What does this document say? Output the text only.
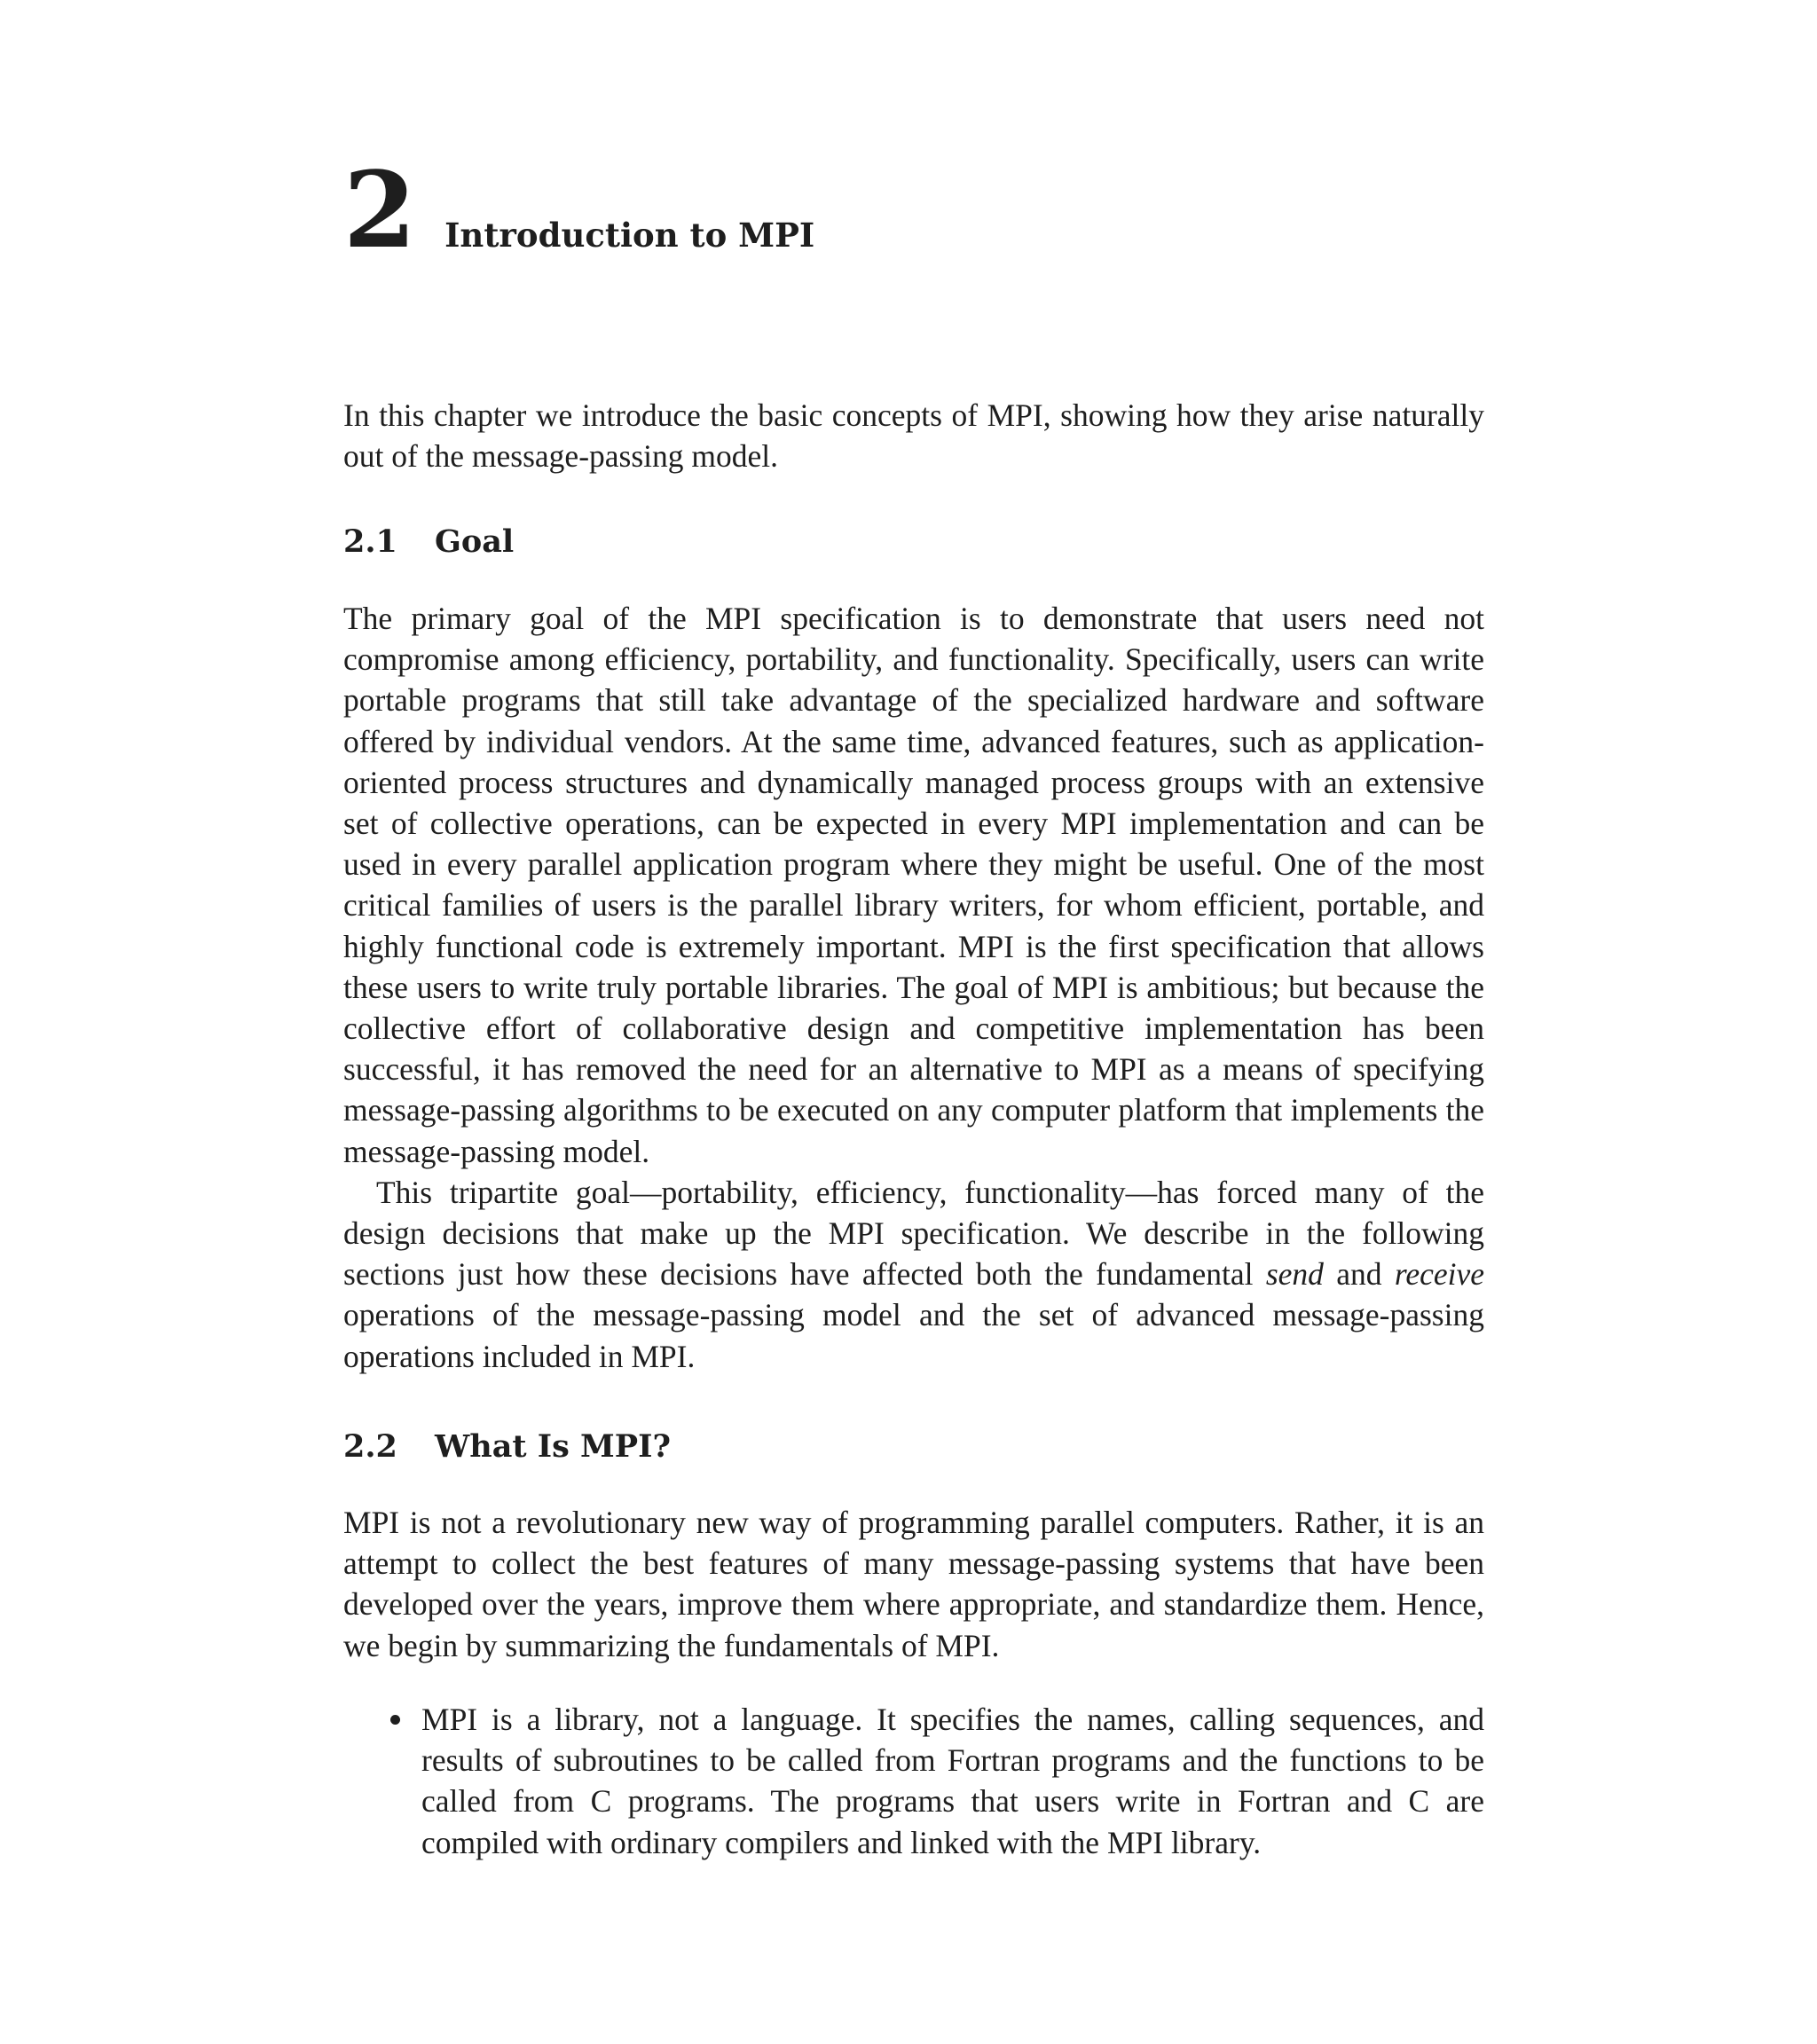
2 Introduction to MPI

In this chapter we introduce the basic concepts of MPI, showing how they arise naturally out of the message-passing model.

2.1	Goal

The primary goal of the MPI specification is to demonstrate that users need not compromise among efficiency, portability, and functionality. Specifically, users can write portable programs that still take advantage of the specialized hardware and software offered by individual vendors. At the same time, advanced features, such as application-oriented process structures and dynamically managed process groups with an extensive set of collective operations, can be expected in every MPI implementation and can be used in every parallel application program where they might be useful. One of the most critical families of users is the parallel library writers, for whom efficient, portable, and highly functional code is extremely important. MPI is the first specification that allows these users to write truly portable libraries. The goal of MPI is ambitious; but because the collective effort of collaborative design and competitive implementation has been successful, it has removed the need for an alternative to MPI as a means of specifying message-passing algorithms to be executed on any computer platform that implements the message-passing model.

This tripartite goal—portability, efficiency, functionality—has forced many of the design decisions that make up the MPI specification. We describe in the following sections just how these decisions have affected both the fundamental send and receive operations of the message-passing model and the set of advanced message-passing operations included in MPI.

2.2	What Is MPI?

MPI is not a revolutionary new way of programming parallel computers. Rather, it is an attempt to collect the best features of many message-passing systems that have been developed over the years, improve them where appropriate, and standardize them. Hence, we begin by summarizing the fundamentals of MPI.

MPI is a library, not a language. It specifies the names, calling sequences, and results of subroutines to be called from Fortran programs and the functions to be called from C programs. The programs that users write in Fortran and C are compiled with ordinary compilers and linked with the MPI library.
